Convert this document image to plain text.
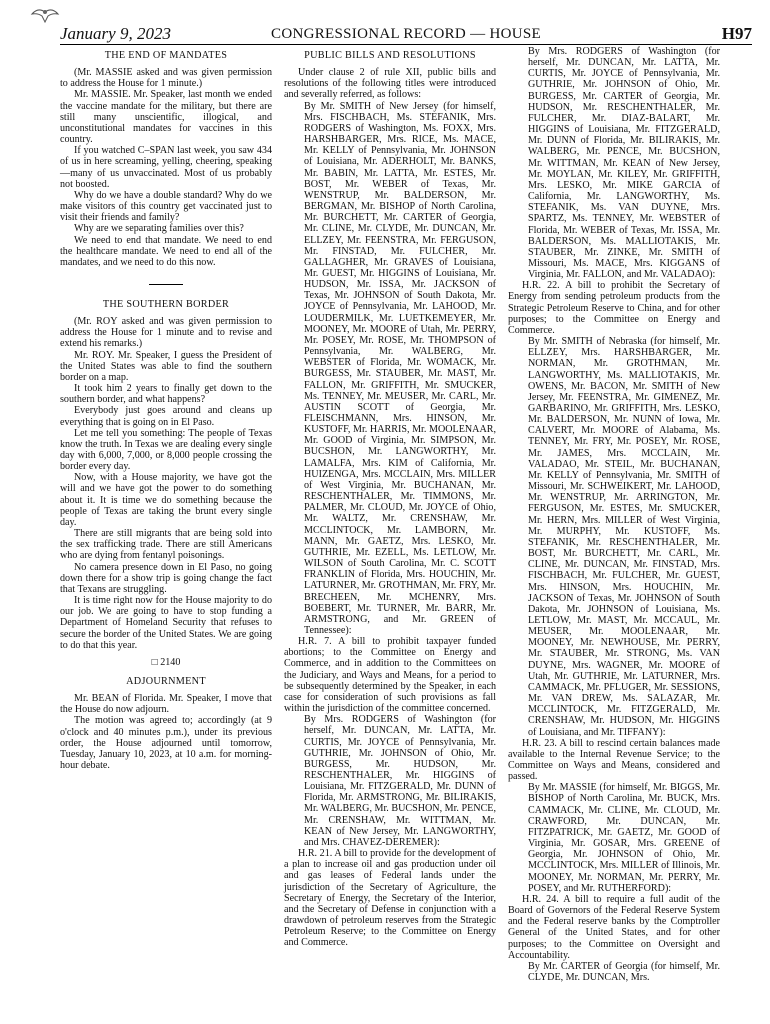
January 9, 2023	CONGRESSIONAL RECORD — HOUSE	H97
THE END OF MANDATES

(Mr. MASSIE asked and was given permission to address the House for 1 minute.)

Mr. MASSIE. Mr. Speaker, last month we ended the vaccine mandate for the military, but there are still many unscientific, illogical, and unconstitutional mandates for vaccines in this country.

If you watched C–SPAN last week, you saw 434 of us in here screaming, yelling, cheering, speaking—many of us unvaccinated. Most of us probably not boosted.

Why do we have a double standard? Why do we make visitors of this country get vaccinated just to visit their friends and family?

Why are we separating families over this?

We need to end that mandate. We need to end the healthcare mandate. We need to end all of the mandates, and we need to do this now.

THE SOUTHERN BORDER

(Mr. ROY asked and was given permission to address the House for 1 minute and to revise and extend his remarks.)

Mr. ROY. Mr. Speaker, I guess the President of the United States was able to find the southern border on a map.

It took him 2 years to finally get down to the southern border, and what happens?

Everybody just goes around and cleans up everything that is going on in El Paso.

Let me tell you something: The people of Texas know the truth. In Texas we are dealing every single day with 6,000, 7,000, or 8,000 people crossing the border every day.

Now, with a House majority, we have got the will and we have got the power to do something about it. It is time we do something because the people of Texas are taking the brunt every single day.

There are still migrants that are being sold into the sex trafficking trade. There are still Americans who are dying from fentanyl poisonings.

No camera presence down in El Paso, no going down there for a show trip is going change the fact that Texans are struggling.

It is time right now for the House majority to do our job. We are going to have to stop funding a Department of Homeland Security that refuses to secure the border of the United States. We are going to do that this year.

□ 2140
ADJOURNMENT

Mr. BEAN of Florida. Mr. Speaker, I move that the House do now adjourn.

The motion was agreed to; accordingly (at 9 o'clock and 40 minutes p.m.), under its previous order, the House adjourned until tomorrow, Tuesday, January 10, 2023, at 10 a.m. for morning-hour debate.

PUBLIC BILLS AND RESOLUTIONS

Under clause 2 of rule XII, public bills and resolutions of the following titles were introduced and severally referred, as follows:

By Mr. SMITH of New Jersey (for himself, Mrs. FISCHBACH, Ms. STEFANIK, Mrs. RODGERS of Washington, Ms. FOXX, Mrs. HARSHBARGER, Mrs. RICE, Ms. MACE, Mr. KELLY of Pennsylvania, Mr. JOHNSON of Louisiana, Mr. ADERHOLT, Mr. BANKS, Mr. BABIN, Mr. LATTA, Mr. ESTES, Mr. BOST, Mr. WEBER of Texas, Mr. WENSTRUP, Mr. BALDERSON, Mr. BERGMAN, Mr. BISHOP of North Carolina, Mr. BURCHETT, Mr. CARTER of Georgia, Mr. CLINE, Mr. CLYDE, Mr. DUNCAN, Mr. ELLZEY, Mr. FEENSTRA, Mr. FERGUSON, Mr. FINSTAD, Mr. FULCHER, Mr. GALLAGHER, Mr. GRAVES of Louisiana, Mr. GUEST, Mr. HIGGINS of Louisiana, Mr. HUDSON, Mr. ISSA, Mr. JACKSON of Texas, Mr. JOHNSON of South Dakota, Mr. JOYCE of Pennsylvania, Mr. LAHOOD, Mr. LOUDERMILK, Mr. LUETKEMEYER, Mr. MOONEY, Mr. MOORE of Utah, Mr. PERRY, Mr. POSEY, Mr. ROSE, Mr. THOMPSON of Pennsylvania, Mr. WALBERG, Mr. WEBSTER of Florida, Mr. WOMACK, Mr. BURGESS, Mr. STAUBER, Mr. MAST, Mr. FALLON, Mr. GRIFFITH, Mr. SMUCKER, Ms. TENNEY, Mr. MEUSER, Mr. CARL, Mr. AUSTIN SCOTT of Georgia, Mr. FLEISCHMANN, Mrs. HINSON, Mr. KUSTOFF, Mr. HARRIS, Mr. MOOLENAAR, Mr. GOOD of Virginia, Mr. SIMPSON, Mr. BUCSHON, Mr. LANGWORTHY, Mr. LAMALFA, Mrs. KIM of California, Mr. HUIZENGA, Mrs. MCCLAIN, Mrs. MILLER of West Virginia, Mr. BUCHANAN, Mr. RESCHENTHALER, Mr. TIMMONS, Mr. PALMER, Mr. CLOUD, Mr. JOYCE of Ohio, Mr. WALTZ, Mr. CRENSHAW, Mr. MCCLINTOCK, Mr. LAMBORN, Mr. MANN, Mr. GAETZ, Mrs. LESKO, Mr. GUTHRIE, Mr. EZELL, Ms. LETLOW, Mr. WILSON of South Carolina, Mr. C. SCOTT FRANKLIN of Florida, Mrs. HOUCHIN, Mr. LATURNER, Mr. GROTHMAN, Mr. FRY, Mr. BRECHEEN, Mr. MCHENRY, Mrs. BOEBERT, Mr. TURNER, Mr. BARR, Mr. ARMSTRONG, and Mr. GREEN of Tennessee):

H.R. 7. A bill to prohibit taxpayer funded abortions; to the Committee on Energy and Commerce, and in addition to the Committees on the Judiciary, and Ways and Means, for a period to be subsequently determined by the Speaker, in each case for consideration of such provisions as fall within the jurisdiction of the committee concerned.

By Mrs. RODGERS of Washington (for herself, Mr. DUNCAN, Mr. LATTA, Mr. CURTIS, Mr. JOYCE of Pennsylvania, Mr. GUTHRIE, Mr. JOHNSON of Ohio, Mr. BURGESS, Mr. HUDSON, Mr. RESCHENTHALER, Mr. HIGGINS of Louisiana, Mr. FITZGERALD, Mr. DUNN of Florida, Mr. ARMSTRONG, Mr. BILIRAKIS, Mr. WALBERG, Mr. BUCSHON, Mr. PENCE, Mr. CRENSHAW, Mr. WITTMAN, Mr. KEAN of New Jersey, Mr. LANGWORTHY, and Mrs. CHAVEZ-DEREMER):

H.R. 21. A bill to provide for the development of a plan to increase oil and gas production under oil and gas leases of Federal lands under the jurisdiction of the Secretary of Agriculture, the Secretary of Energy, the Secretary of the Interior, and the Secretary of Defense in conjunction with a drawdown of petroleum reserves from the Strategic Petroleum Reserve; to the Committee on Energy and Commerce.

By Mrs. RODGERS of Washington (for herself, Mr. DUNCAN, Mr. LATTA, Mr. CURTIS, Mr. JOYCE of Pennsylvania, Mr. GUTHRIE, Mr. JOHNSON of Ohio, Mr. BURGESS, Mr. CARTER of Georgia, Mr. HUDSON, Mr. RESCHENTHALER, Mr. FULCHER, Mr. DIAZ-BALART, Mr. HIGGINS of Louisiana, Mr. FITZGERALD, Mr. DUNN of Florida, Mr. BILIRAKIS, Mr. WALBERG, Mr. PENCE, Mr. BUCSHON, Mr. WITTMAN, Mr. KEAN of New Jersey, Mr. MOYLAN, Mr. KILEY, Mr. GRIFFITH, Mrs. LESKO, Mr. MIKE GARCIA of California, Mr. LANGWORTHY, Ms. STEFANIK, Ms. VAN DUYNE, Mrs. SPARTZ, Ms. TENNEY, Mr. WEBSTER of Florida, Mr. WEBER of Texas, Mr. ISSA, Mr. BALDERSON, Ms. MALLIOTAKIS, Mr. STAUBER, Mr. ZINKE, Mr. SMITH of Missouri, Ms. MACE, Mrs. KIGGANS of Virginia, Mr. FALLON, and Mr. VALADAO):

H.R. 22. A bill to prohibit the Secretary of Energy from sending petroleum products from the Strategic Petroleum Reserve to China, and for other purposes; to the Committee on Energy and Commerce.

By Mr. SMITH of Nebraska (for himself, Mr. ELLZEY, Mrs. HARSHBARGER, Mr. NORMAN, Mr. GROTHMAN, Mr. LANGWORTHY, Ms. MALLIOTAKIS, Mr. OWENS, Mr. BACON, Mr. SMITH of New Jersey, Mr. FEENSTRA, Mr. GIMENEZ, Mr. GARBARINO, Mr. GRIFFITH, Mrs. LESKO, Mr. BALDERSON, Mr. NUNN of Iowa, Mr. CALVERT, Mr. MOORE of Alabama, Ms. TENNEY, Mr. FRY, Mr. POSEY, Mr. ROSE, Mr. JAMES, Mrs. MCCLAIN, Mr. VALADAO, Mr. STEIL, Mr. BUCHANAN, Mr. KELLY of Pennsylvania, Mr. SMITH of Missouri, Mr. SCHWEIKERT, Mr. LAHOOD, Mr. WENSTRUP, Mr. ARRINGTON, Mr. FERGUSON, Mr. ESTES, Mr. SMUCKER, Mr. HERN, Mrs. MILLER of West Virginia, Mr. MURPHY, Mr. KUSTOFF, Ms. STEFANIK, Mr. RESCHENTHALER, Mr. BOST, Mr. BURCHETT, Mr. CARL, Mr. CLINE, Mr. DUNCAN, Mr. FINSTAD, Mrs. FISCHBACH, Mr. FULCHER, Mr. GUEST, Mrs. HINSON, Mrs. HOUCHIN, Mr. JACKSON of Texas, Mr. JOHNSON of South Dakota, Mr. JOHNSON of Louisiana, Ms. LETLOW, Mr. MAST, Mr. MCCAUL, Mr. MEUSER, Mr. MOOLENAAR, Mr. MOONEY, Mr. NEWHOUSE, Mr. PERRY, Mr. STAUBER, Mr. STRONG, Ms. VAN DUYNE, Mrs. WAGNER, Mr. MOORE of Utah, Mr. GUTHRIE, Mr. LATURNER, Mrs. CAMMACK, Mr. PFLUGER, Mr. SESSIONS, Mr. VAN DREW, Ms. SALAZAR, Mr. MCCLINTOCK, Mr. FITZGERALD, Mr. CRENSHAW, Mr. HUDSON, Mr. HIGGINS of Louisiana, and Mr. TIFFANY):

H.R. 23. A bill to rescind certain balances made available to the Internal Revenue Service; to the Committee on Ways and Means, considered and passed.

By Mr. MASSIE (for himself, Mr. BIGGS, Mr. BISHOP of North Carolina, Mr. BUCK, Mrs. CAMMACK, Mr. CLINE, Mr. CLOUD, Mr. CRAWFORD, Mr. DUNCAN, Mr. FITZPATRICK, Mr. GAETZ, Mr. GOOD of Virginia, Mr. GOSAR, Mrs. GREENE of Georgia, Mr. JOHNSON of Ohio, Mr. MCCLINTOCK, Mrs. MILLER of Illinois, Mr. MOONEY, Mr. NORMAN, Mr. PERRY, Mr. POSEY, and Mr. RUTHERFORD):

H.R. 24. A bill to require a full audit of the Board of Governors of the Federal Reserve System and the Federal reserve banks by the Comptroller General of the United States, and for other purposes; to the Committee on Oversight and Accountability.

By Mr. CARTER of Georgia (for himself, Mr. CLYDE, Mr. DUNCAN, Mrs.
